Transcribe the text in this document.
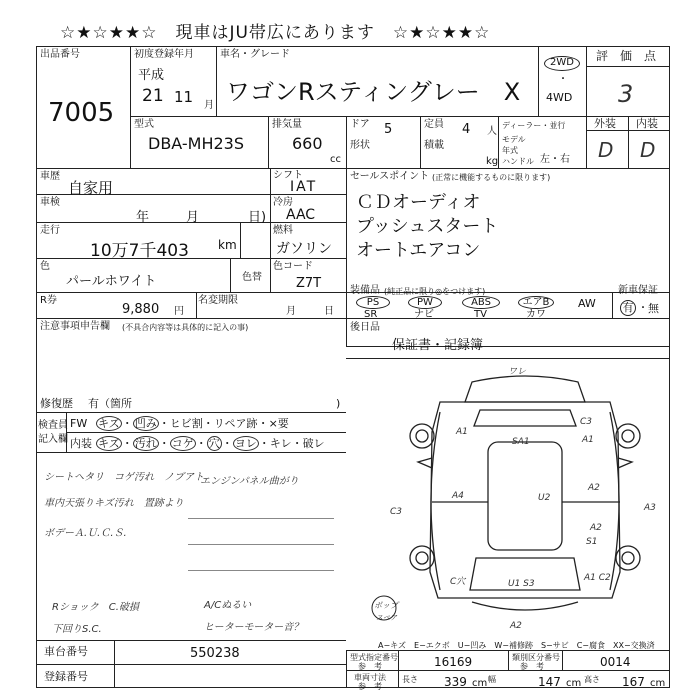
☆★☆★★☆　現車はJU帯広にあります　☆★☆★★☆
出品番号
7005
初度登録年月
平成
21 11 月
車名・グレード
ワゴンRスティングレー　X
2WD
・
4WD
評　価　点
3
型式
DBA-MH23S
排気量
660
cc
ドア 5
形状
定員 4 人
積載
kg
ディーラー・並行
モデル年式
ハンドル 左・右
外装 内装
D D
車歴
自家用
車検
年	月	日)
走行
10万7千403 km
シフト
IAT
冷房
AAC
燃料
ガソリン
色
パールホワイト	色替
色コード
Z7T
セールスポイント (正常に機能するものに限ります)
ＣＤオーディオ
プッシュスタート
オートエアコン
R券
9,880 円
名変期限
月	日
装備品 (純正品に限り◎をつけます)
PS
SR
PW
ナビ
ABS
TV
エアB
カワ
AW
新車保証
有 ・ 無
注意事項申告欄 (不具合内容等は具体的に記入の事)	後日品
保証書・記録簿
修復歴 有（箇所	)
検査員
記入欄
FW キズ ・ 凹み ・ヒビ割・リペア跡・×要
内装 キズ ・ 汚れ ・ コゲ ・ 穴 ・ ヨレ ・キレ・破レ
シートヘタリ　コゲ汚れ　ノブアト
エンジンパネル曲がり
車内天張りキズ汚れ　置跡より
ボデーＡ.Ｕ.Ｃ.Ｓ.
Rショック　C.破損	A/Cぬるい
下回りS.C.	ヒーターモーター音？
ワレ
SA1
A1
C3
A1
A2
C3
A4	U2
A2
A3
S1
U1 S3
A1 C2
C穴
A2
ポップ
スペア
A−キズ　E−エクボ　U−凹み　W−補修跡　S−サビ　C−腐食　XX−交換済
車台番号	550238
登録番号
型式指定番号
参　考	16169	類別区分番号
参　考	0014
車両寸法
参　考
長さ 339 cm 幅	147 cm 高さ 167 cm
